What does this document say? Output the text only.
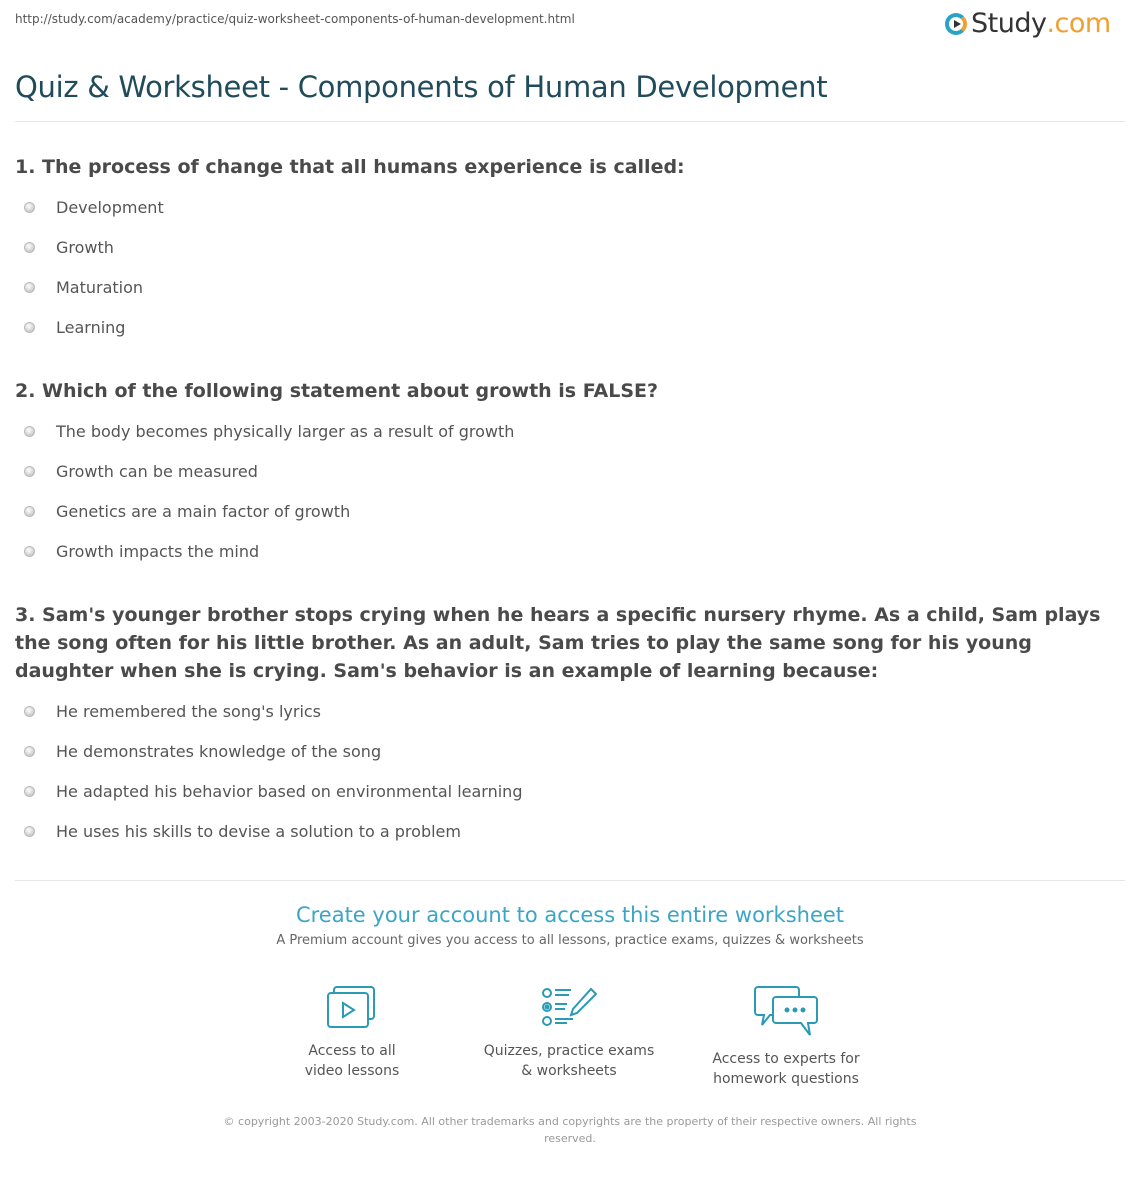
http://study.com/academy/practice/quiz-worksheet-components-of-human-development.html	Study .com
Quiz & Worksheet - Components of Human Development
1. The process of change that all humans experience is called:
Development
Growth
Maturation
Learning
2. Which of the following statement about growth is FALSE?
The body becomes physically larger as a result of growth
Growth can be measured
Genetics are a main factor of growth
Growth impacts the mind
3. Sam's younger brother stops crying when he hears a specific nursery rhyme. As a child, Sam plays the song often for his little brother. As an adult, Sam tries to play the same song for his young daughter when she is crying. Sam's behavior is an example of learning because:
He remembered the song's lyrics
He demonstrates knowledge of the song
He adapted his behavior based on environmental learning
He uses his skills to devise a solution to a problem
Create your account to access this entire worksheet
A Premium account gives you access to all lessons, practice exams, quizzes & worksheets
Access to all
video lessons
Quizzes, practice exams
& worksheets
Access to experts for
homework questions
© copyright 2003-2020 Study.com. All other trademarks and copyrights are the property of their respective owners. All rights reserved.
